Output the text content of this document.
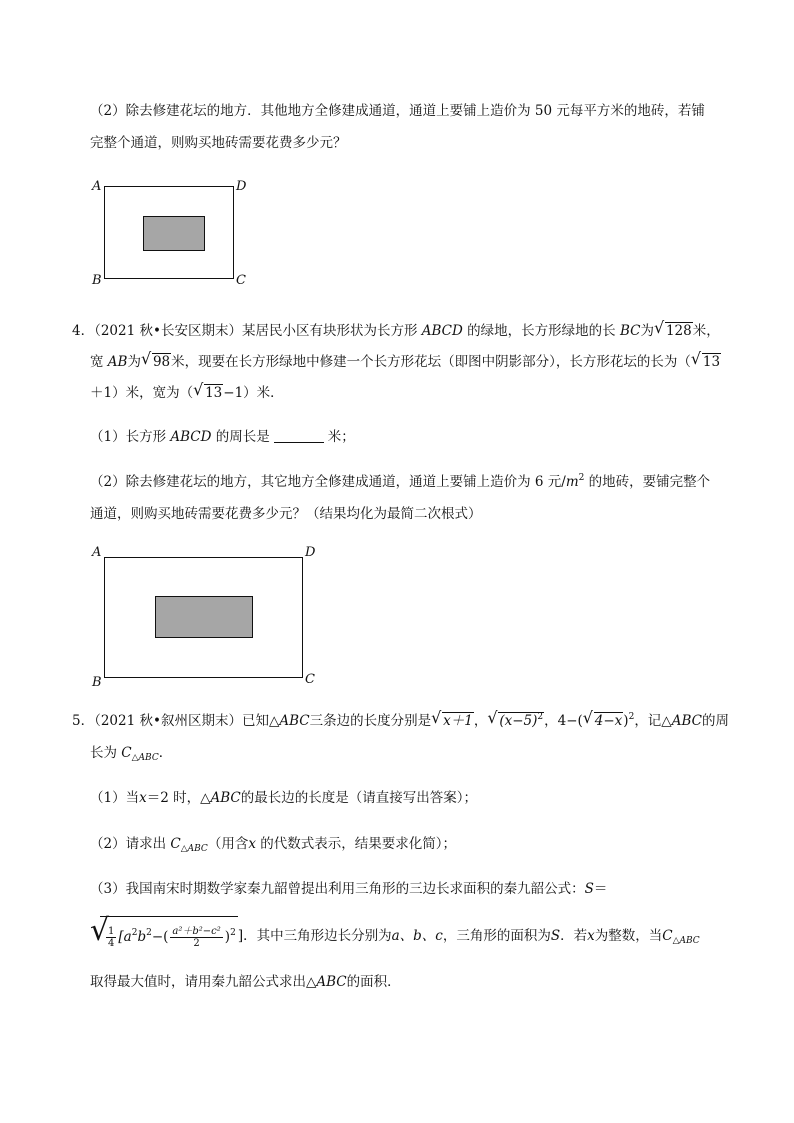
（2）除去修建花坛的地方．其他地方全修建成通道，通道上要铺上造价为 50 元每平方米的地砖，若铺
完整个通道，则购买地砖需要花费多少元？
A	D
B	C
4．（2021 秋•长安区期末）某居民小区有块形状为长方形 ABCD 的绿地，长方形绿地的长 BC为 √ 128米，
宽 AB为 √ 98米，现要在长方形绿地中修建一个长方形花坛（即图中阴影部分），长方形花坛的长为（ √ 13
＋1）米，宽为（ √ 13−1）米．
（1）长方形 ABCD 的周长是	米；
（2）除去修建花坛的地方，其它地方全修建成通道，通道上要铺上造价为 6 元$/m^2$ 的地砖，要铺完整个
通道，则购买地砖需要花费多少元？（结果均化为最简二次根式）
A	D
B	C
5．（2021 秋•叙州区期末）已知△ABC三条边的长度分别是 √ x＋1， √ $(x-5)^2$，4−( √ 4−x)$^2$，记△ABC的周
长为 $C_{\triangle ABC}$．
（1）当x＝2 时，△ABC的最长边的长度是（请直接写出答案）；
（2）请求出 $C_{\triangle ABC}$（用含x 的代数式表示，结果要求化简）；
（3）我国南宋时期数学家秦九韶曾提出利用三角形的三边长求面积的秦九韶公式：S＝
√
$\frac{1}{4} [a^2b^2-( \frac{\text{a²＋b²−c²}}{2} )^2$ ]．其中三角形边长分别为a、b、c，三角形的面积为S．若x为整数，当$C_{\triangle ABC}$
取得最大值时，请用秦九韶公式求出△ABC的面积．
